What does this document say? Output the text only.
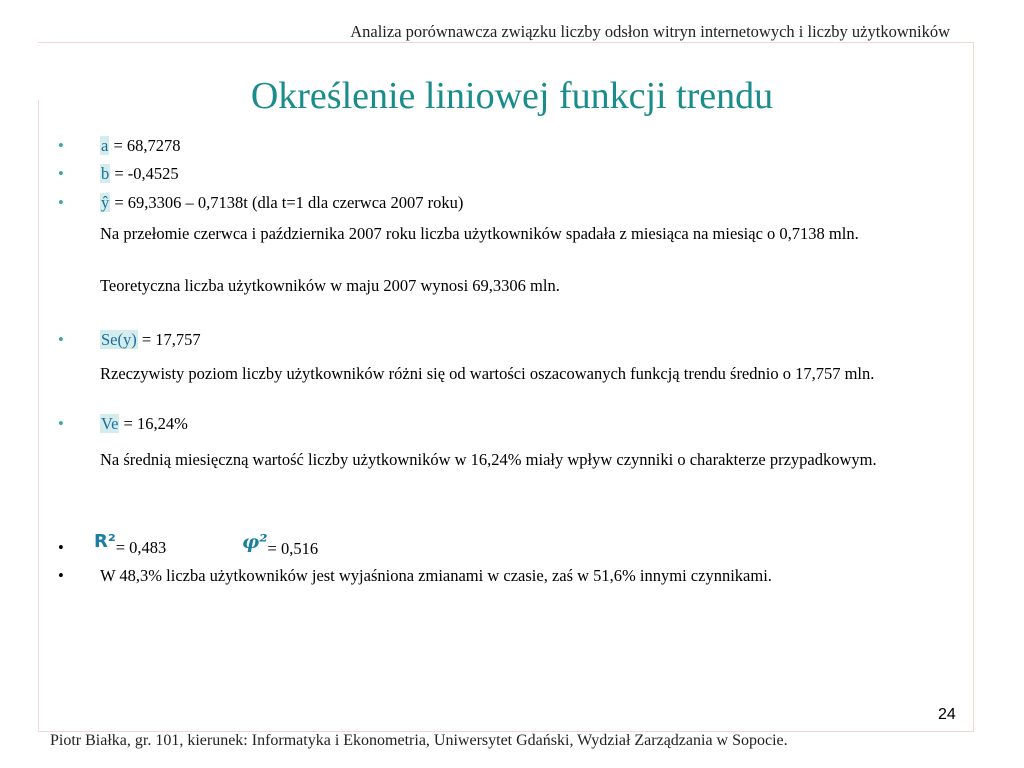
Analiza porównawcza związku liczby odsłon witryn internetowych i liczby użytkowników
Określenie liniowej funkcji trendu
•	a = 68,7278
•	b = -0,4525
•	ŷ = 69,3306 – 0,7138t (dla t=1 dla czerwca 2007 roku)
Na przełomie czerwca i października 2007 roku liczba użytkowników spadała z miesiąca na miesiąc o 0,7138 mln.
Teoretyczna liczba użytkowników w maju 2007 wynosi 69,3306 mln.
•	Se(y) = 17,757
Rzeczywisty poziom liczby użytkowników różni się od wartości oszacowanych funkcją trendu średnio o 17,757 mln.
•	Ve = 16,24%
Na średnią miesięczną wartość liczby użytkowników w 16,24% miały wpływ czynniki o charakterze przypadkowym.
•	R²= 0,483	φ²= 0,516
•	W 48,3% liczba użytkowników jest wyjaśniona zmianami w czasie, zaś w 51,6% innymi czynnikami.
24
Piotr Białka, gr. 101, kierunek: Informatyka i Ekonometria, Uniwersytet Gdański, Wydział Zarządzania w Sopocie.
